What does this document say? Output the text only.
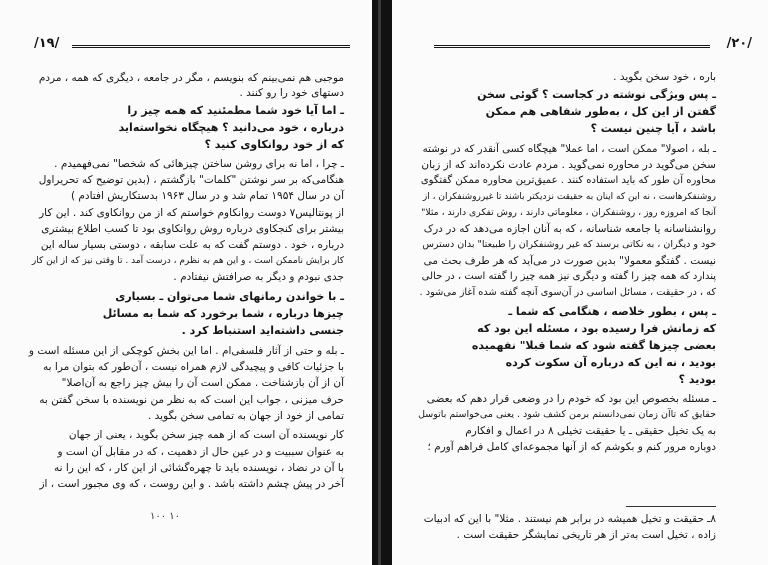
/۱۹/
موجبی هم نمی‌بینم که بنویسم ، مگر در جامعه‌ ، دیگری که همه‌ ، مردم
دستهای خود را رو کنند .
ـ اما آیا خود شما مطمئنید که همه چیز را
درباره‌ ، خود می‌دانید ؟ هیچگاه نخواسته‌اید
که از خود روانکاوی کنید ؟
ـ چرا ، اما نه برای روشن ساختن چیزهائی که شخصا" نمی‌فهمیدم .
هنگامی‌که بر سر نوشتن "کلمات" بازگشتم ، (بدین توضیح که تحریراول
آن در سال ۱۹۵۴ تمام شد و در سال ۱۹۶۳ بدستکاریش افتادم )
از پونتالیس۷ دوست روانکاوم خواستم که از من روانکاوی کند . این کار
بیشتر برای کنجکاوی درباره‌ روش روانکاوی بود تا کسب اطلاع بیشتری
درباره‌ ، خود . دوستم گفت که به علت سابقه‌ ، دوستی بسیار ساله این
کار برایش ناممکن است ، و این هم به نظرم ، درست آمد . تا وقتی نیز که از این کار
جدی نبودم و دیگر به صرافتش نیفتادم .
ـ با خواندن رمانهای شما می‌توان ـ بسیاری
چیزها درباره‌ ، شما برخورد که شما به مسائل
جنسی داشته‌اید استنباط کرد .
ـ بله و حتی از آثار فلسفی‌ام . اما این بخش کوچکی از این مسئله است و
با جزئیات کافی و پیچیدگی لازم همراه نیست ، آن‌طور که بتوان مرا به
آن از آن بازشناخت . ممکن است آن را بیش چیز راجع به آن‌اصلا"
حرف میزنی ، جواب این است که به نظر من نویسنده با سخن گفتن به
تمامی از خود از جهان به تمامی سخن بگوید .
کار نویسنده آن است که از همه چیز سخن بگوید ، یعنی از جهان
به عنوان سببیت و در عین حال از دهمیت ، که در مقابل آن است و
با آن در نضاد ، نویسنده باید تا چهره‌گشائی از این کار ، که این را نه
آخر در پیش چشم داشته باشد . و این روست ، که وی مجبور است ، از
۱۰۰ ۱۰
/۲۰/
باره‌ ، خود سخن بگوید .
ـ پس ویژگی نوشته در کجاست ؟ گوئی سخن
گفتن از این کل ، به‌طور شفاهی هم ممکن
باشد ، آیا چنین نیست ؟
ـ بله ، اصولا" ممکن است ، اما عملا" هیچگاه کسی آنقدر که در نوشته
سخن می‌گوید در محاوره نمی‌گوید . مردم عادت نکرده‌اند که از زبان
محاوره آن طور که باید استفاده کنند . عمیق‌ترین محاوره‌ ممکن گفتگوی
روشنفکرهاست ، نه این که اینان به حقیقت نزدیکتر باشند تا غیرروشنفکران ، از
آنجا که امروزه روز ، روشنفکران ، معلوماتی دارند ، روش تفکری دارند ، مثلا"
روانشناسانه یا جامعه شناسانه ، که به آنان اجازه می‌دهد که در درک
خود و دیگران ، به نکاتی برسند که غیر روشنفکران را طبیعتا" بدان دسترس
نیست . گفتگو معمولا" بدین صورت در می‌آید که هر طرف بحث می‌
پندارد که همه چیز را گفته و دیگری نیز همه چیز را گفته است ، در حالی
که ، در حقیقت ، مسائل اساسی در آن‌سوی آنچه گفته شده آغاز می‌شود .
ـ پس ، بطور خلاصه ، هنگامی که شما ـ
که زمانش فرا رسیده بود ، مسئله این بود که
بعضی چیزها گفته شود که شما قبلا" نفهمیده
بودید ، نه این که درباره آن سکوت کرده
بودید ؟
ـ مسئله بخصوص این بود که خودم را در وضعی قرار دهم که بعضی
حقایق که تاآن زمان نمی‌دانستم برمن کشف شود . یعنی می‌خواستم باتوسل
به یک تخیل حقیقی ـ یا حقیقت تخیلی ۸ در اعمال و افکارم
دوباره مرور کنم و بکوشم که از آنها مجموعه‌ای کامل فراهم آورم ؛
۸ـ حقیقت و تخیل همیشه در برابر هم نیستند . مثلا" با این که ادبیات
زاده‌ ، تخیل است به‌تر از هر تاریخی نمایشگر حقیقت است .
